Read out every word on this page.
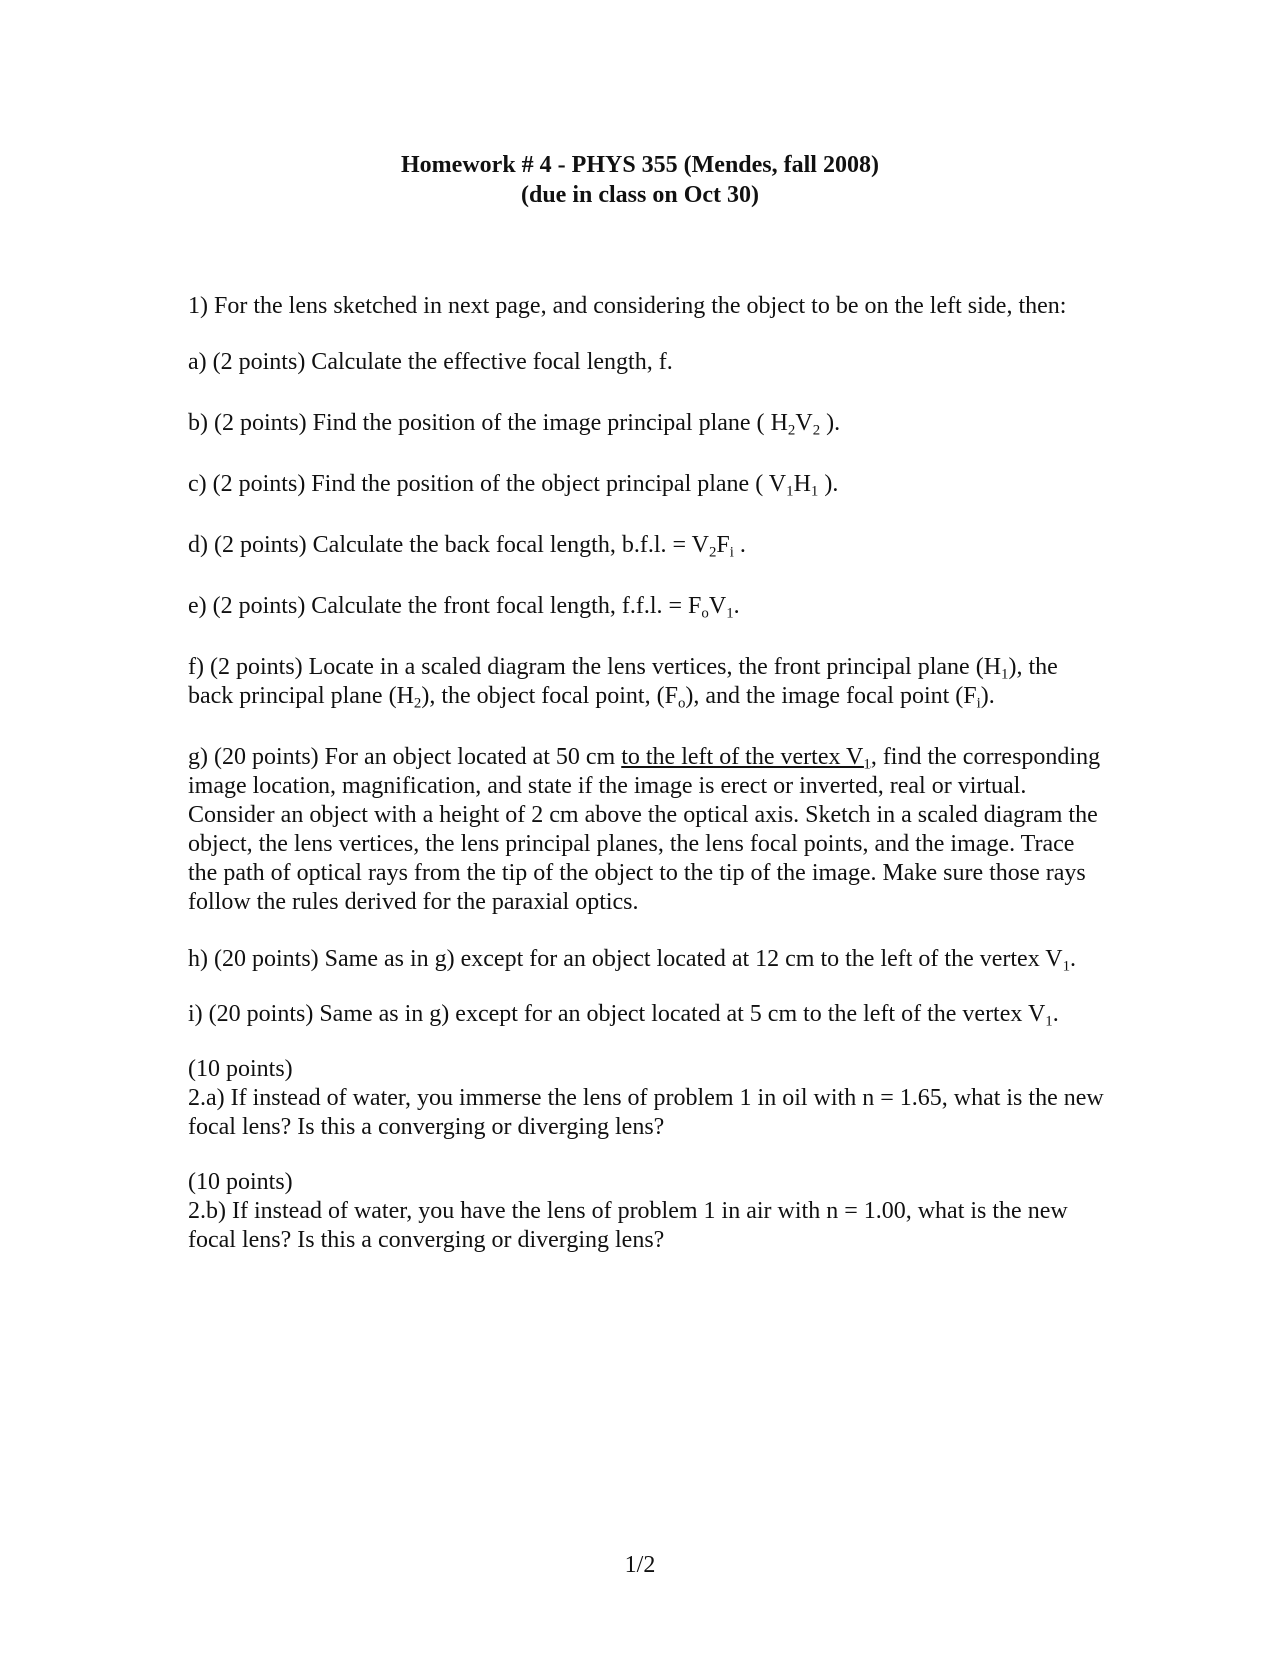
Homework # 4 - PHYS 355 (Mendes, fall 2008)
(due in class on Oct 30)

1) For the lens sketched in next page, and considering the object to be on the left side, then:

a) (2 points) Calculate the effective focal length, f.

b) (2 points) Find the position of the image principal plane ( $H_2V_2$ ).

c) (2 points) Find the position of the object principal plane ( $V_1H_1$ ).

d) (2 points) Calculate the back focal length, b.f.l. = $V_2F_i$ .

e) (2 points) Calculate the front focal length, f.f.l. = $F_oV_1$.

f) (2 points) Locate in a scaled diagram the lens vertices, the front principal plane $(H_1)$, the back principal plane $(H_2)$, the object focal point, $(F_o)$, and the image focal point $(F_i)$.

g) (20 points) For an object located at 50 cm to the left of the vertex $V_1$, find the corresponding image location, magnification, and state if the image is erect or inverted, real or virtual. Consider an object with a height of 2 cm above the optical axis. Sketch in a scaled diagram the object, the lens vertices, the lens principal planes, the lens focal points, and the image. Trace the path of optical rays from the tip of the object to the tip of the image. Make sure those rays follow the rules derived for the paraxial optics.

h) (20 points) Same as in g) except for an object located at 12 cm to the left of the vertex $V_1$.

i) (20 points) Same as in g) except for an object located at 5 cm to the left of the vertex $V_1$.

(10 points)

2.a) If instead of water, you immerse the lens of problem 1 in oil with n = 1.65, what is the new focal lens? Is this a converging or diverging lens?

(10 points)

2.b) If instead of water, you have the lens of problem 1 in air with n = 1.00, what is the new focal lens? Is this a converging or diverging lens?

1/2
